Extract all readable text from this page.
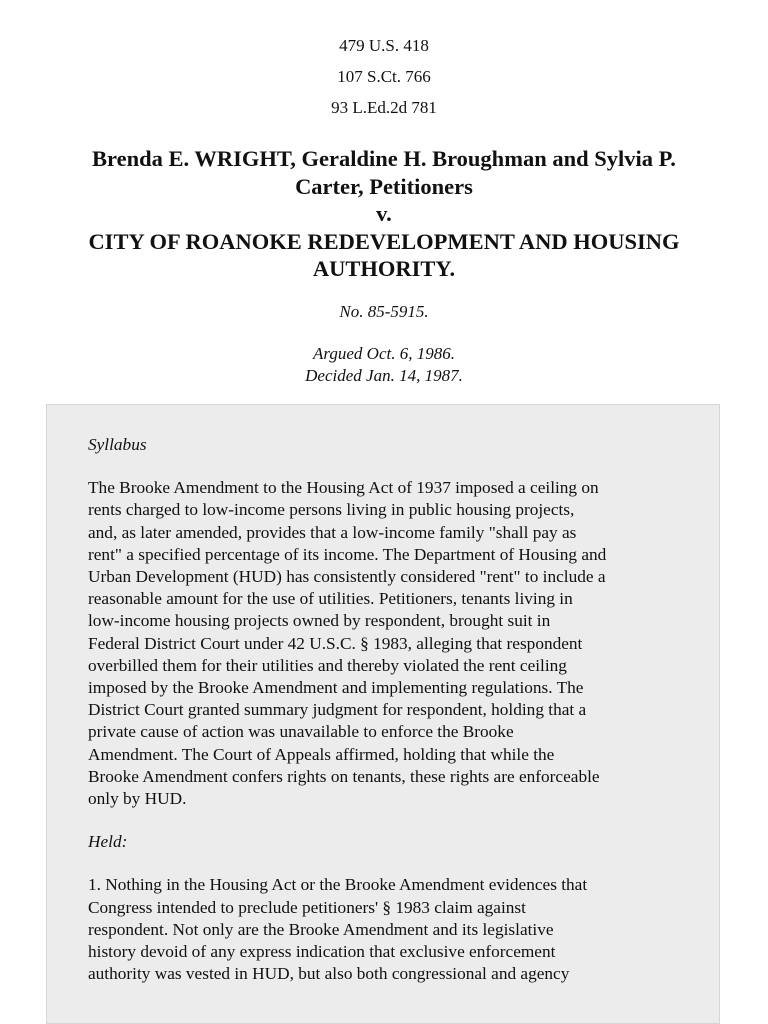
479 U.S. 418
107 S.Ct. 766
93 L.Ed.2d 781
Brenda E. WRIGHT, Geraldine H. Broughman and Sylvia P.
Carter, Petitioners
v.
CITY OF ROANOKE REDEVELOPMENT AND HOUSING
AUTHORITY.
No. 85-5915.
Argued Oct. 6, 1986.
Decided Jan. 14, 1987.

Syllabus

The Brooke Amendment to the Housing Act of 1937 imposed a ceiling on

rents charged to low-income persons living in public housing projects,

and, as later amended, provides that a low-income family "shall pay as

rent" a specified percentage of its income. The Department of Housing and

Urban Development (HUD) has consistently considered "rent" to include a

reasonable amount for the use of utilities. Petitioners, tenants living in

low-income housing projects owned by respondent, brought suit in

Federal District Court under 42 U.S.C. § 1983, alleging that respondent

overbilled them for their utilities and thereby violated the rent ceiling

imposed by the Brooke Amendment and implementing regulations. The

District Court granted summary judgment for respondent, holding that a

private cause of action was unavailable to enforce the Brooke

Amendment. The Court of Appeals affirmed, holding that while the

Brooke Amendment confers rights on tenants, these rights are enforceable

only by HUD.

Held:

1. Nothing in the Housing Act or the Brooke Amendment evidences that

Congress intended to preclude petitioners' § 1983 claim against

respondent. Not only are the Brooke Amendment and its legislative

history devoid of any express indication that exclusive enforcement

authority was vested in HUD, but also both congressional and agency
